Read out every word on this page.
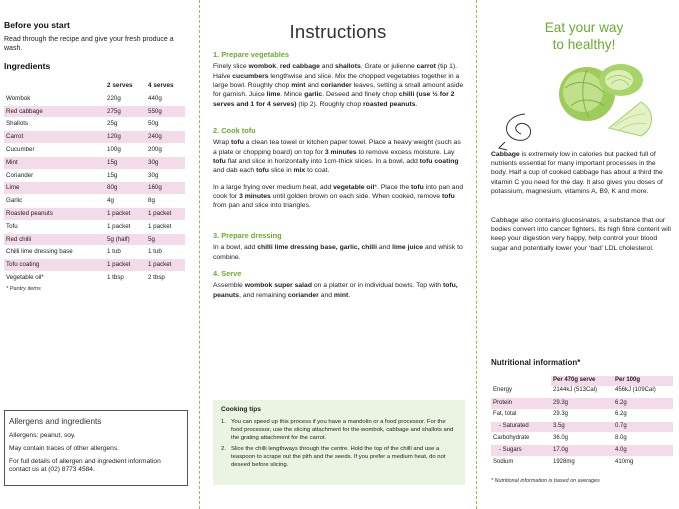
Before you start
Read through the recipe and give your fresh produce a wash.
Ingredients
	2 serves	4 serves
Wombok	220g	440g
Red cabbage	275g	550g
Shallots	25g	50g
Carrot	120g	240g
Cucumber	100g	200g
Mint	15g	30g
Coriander	15g	30g
Lime	80g	160g
Garlic	4g	8g
Roasted peanuts	1 packet	1 packet
Tofu	1 packet	1 packet
Red chilli	5g (half)	5g
Chilli lime dressing base	1 tub	1 tub
Tofu coating	1 packet	1 packet
Vegetable oil*	1 tbsp	2 tbsp
* Pantry items
Allergens and ingredients

Allergens: peanut, soy.

May contain traces of other allergens.

For full details of allergen and ingredient information contact us at (02) 8773 4584.

Instructions
1. Prepare vegetables

Finely slice wombok, red cabbage and shallots. Grate or julienne carrot (tip 1). Halve cucumbers lengthwise and slice. Mix the chopped vegetables together in a large bowl. Roughly chop mint and coriander leaves, setting a small amount aside for garnish. Juice lime. Mince garlic. Deseed and finely chop chilli (use ½ for 2 serves and 1 for 4 serves) (tip 2). Roughly chop roasted peanuts.

2. Cook tofu

Wrap tofu a clean tea towel or kitchen paper towel. Place a heavy weight (such as a plate or chopping board) on top for 3 minutes to remove excess moisture. Lay tofu flat and slice in horizontally into 1cm-thick slices. In a bowl, add tofu coating and dab each tofu slice in mix to coat.

In a large frying over medium heat, add vegetable oil*. Place the tofu into pan and cook for 3 minutes until golden brown on each side. When cooked, remove tofu from pan and slice into triangles.

3. Prepare dressing

In a bowl, add chilli lime dressing base, garlic, chilli and lime juice and whisk to combine.

4. Serve

Assemble wombok super salad on a platter or in individual bowls. Top with tofu, peanuts, and remaining coriander and mint.

Cooking tips
1. You can speed up this process if you have a mandolin or a food processor. For the food processor, use the slicing attachment for the wombok, cabbage and shallots and the grating attachment for the carrot.
2. Slice the chilli lengthways through the centre. Hold the top of the chilli and use a teaspoon to scrape out the pith and the seeds. If you prefer a medium heat, do not deseed before slicing.
Eat your way
to healthy!
Cabbage is extremely low in calories but packed full of nutrients essential for many important processes in the body. Half a cup of cooked cabbage has about a third the vitamin C you need for the day. It also gives you doses of potassium, magnesium, vitamins A, B9, K and more.
Cabbage also contains glucosinates, a substance that our bodies convert into cancer fighters. Its high fibre content will keep your digestion very happy, help control your blood sugar and potentially lower your ‘bad’ LDL cholesterol.
Nutritional information*
	Per 470g serve	Per 100g
Energy	2144kJ (513Cal)	456kJ (109Cal)
Protein	29.3g	6.2g
Fat, total	29.3g	6.2g
- Saturated	3.5g	0.7g
Carbohydrate	36.0g	8.0g
- Sugars	17.0g	4.0g
Sodium	1928mg	410mg
* Nutritional information is based on averages
